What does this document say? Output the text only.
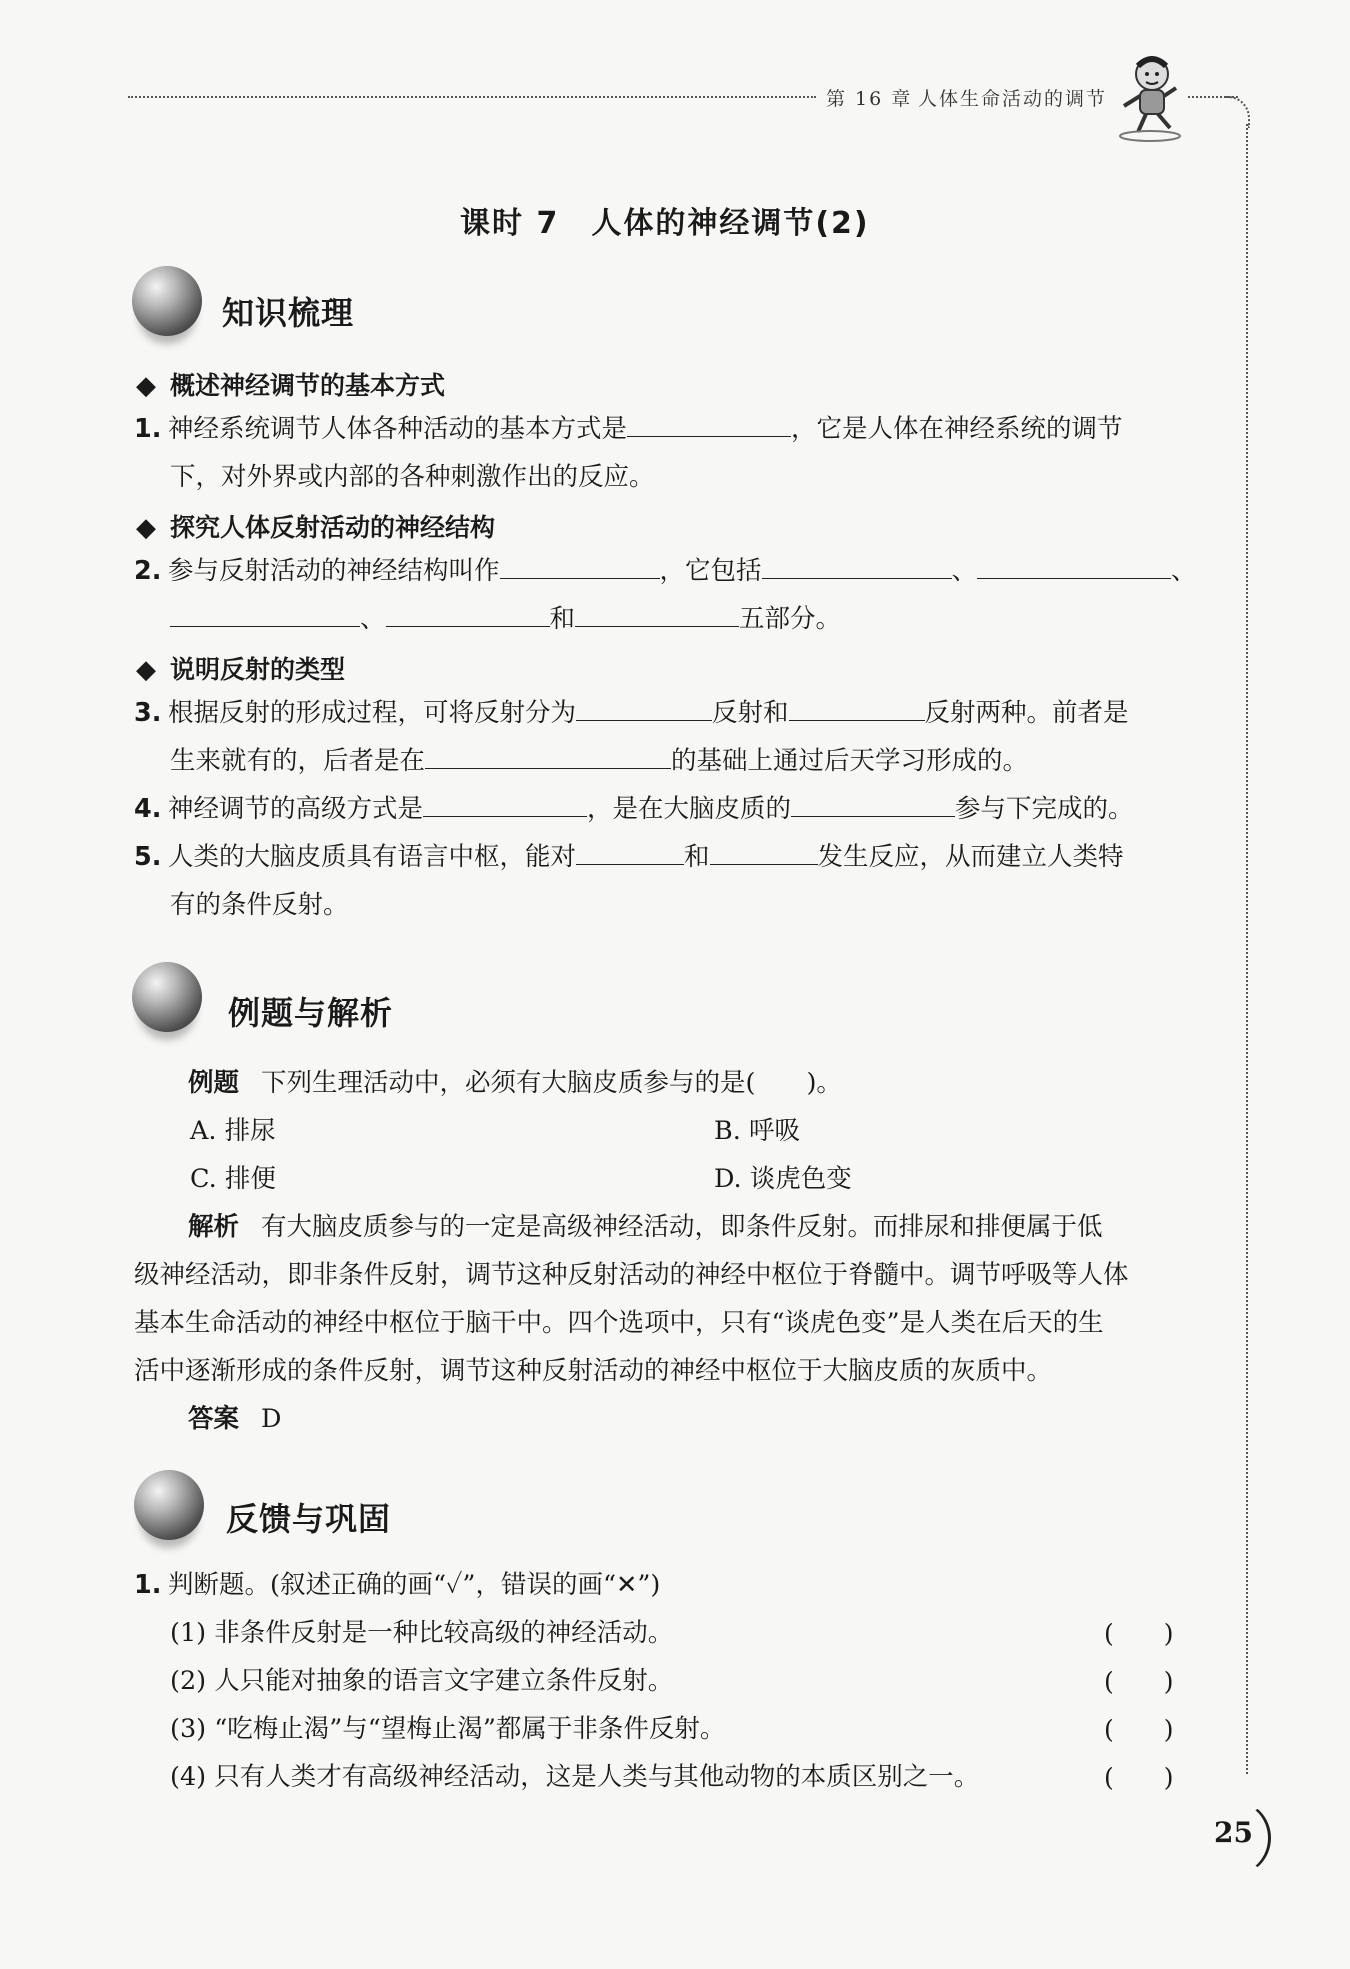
第 16 章 人体生命活动的调节
课时 7　人体的神经调节(2)
知识梳理
◆ 概述神经调节的基本方式
1. 神经系统调节人体各种活动的基本方式是	，它是人体在神经系统的调节
下，对外界或内部的各种刺激作出的反应。
◆ 探究人体反射活动的神经结构
2. 参与反射活动的神经结构叫作	，它包括	、	、
、	和	五部分。
◆ 说明反射的类型
3. 根据反射的形成过程，可将反射分为	反射和	反射两种。前者是
生来就有的，后者是在	的基础上通过后天学习形成的。
4. 神经调节的高级方式是	，是在大脑皮质的	参与下完成的。
5. 人类的大脑皮质具有语言中枢，能对	和	发生反应，从而建立人类特
有的条件反射。
例题与解析
例题 下列生理活动中，必须有大脑皮质参与的是(　　)。
A. 排尿	B. 呼吸
C. 排便	D. 谈虎色变
解析 有大脑皮质参与的一定是高级神经活动，即条件反射。而排尿和排便属于低
级神经活动，即非条件反射，调节这种反射活动的神经中枢位于脊髓中。调节呼吸等人体
基本生命活动的神经中枢位于脑干中。四个选项中，只有“谈虎色变”是人类在后天的生
活中逐渐形成的条件反射，调节这种反射活动的神经中枢位于大脑皮质的灰质中。
答案 D
反馈与巩固
1. 判断题。(叙述正确的画“✓”，错误的画“✕”)
(1) 非条件反射是一种比较高级的神经活动。	(　　)
(2) 人只能对抽象的语言文字建立条件反射。	(　　)
(3) “吃梅止渴”与“望梅止渴”都属于非条件反射。	(　　)
(4) 只有人类才有高级神经活动，这是人类与其他动物的本质区别之一。	(　　)
25
